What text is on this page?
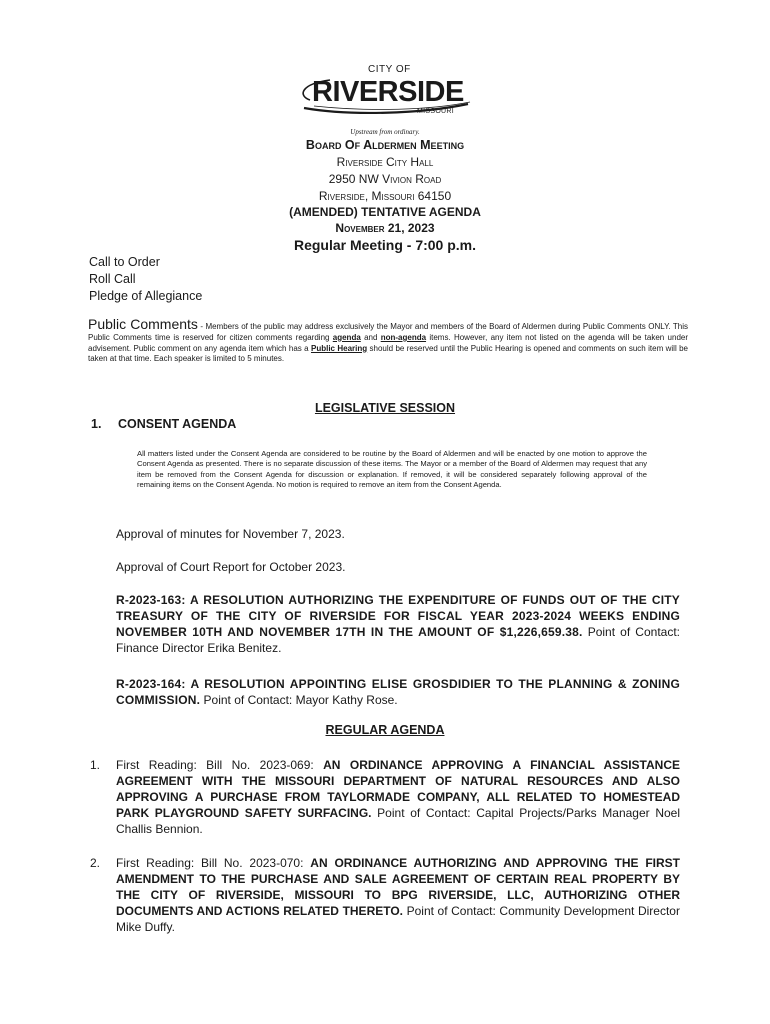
CITY OF
RIVERSIDE
MISSOURI
Upstream from ordinary.
Board Of Aldermen Meeting
Riverside City Hall
2950 NW Vivion Road
Riverside, Missouri 64150
(AMENDED) TENTATIVE AGENDA
November 21, 2023
Regular Meeting - 7:00 p.m.
Call to Order
Roll Call
Pledge of Allegiance
Public Comments - Members of the public may address exclusively the Mayor and members of the Board of Aldermen during Public Comments ONLY. This Public Comments time is reserved for citizen comments regarding agenda and non-agenda items. However, any item not listed on the agenda will be taken under advisement. Public comment on any agenda item which has a Public Hearing should be reserved until the Public Hearing is opened and comments on such item will be taken at that time. Each speaker is limited to 5 minutes.
LEGISLATIVE SESSION
1. CONSENT AGENDA
All matters listed under the Consent Agenda are considered to be routine by the Board of Aldermen and will be enacted by one motion to approve the Consent Agenda as presented. There is no separate discussion of these items. The Mayor or a member of the Board of Aldermen may request that any item be removed from the Consent Agenda for discussion or explanation. If removed, it will be considered separately following approval of the remaining items on the Consent Agenda. No motion is required to remove an item from the Consent Agenda.
Approval of minutes for November 7, 2023.
Approval of Court Report for October 2023.
R-2023-163: A RESOLUTION AUTHORIZING THE EXPENDITURE OF FUNDS OUT OF THE CITY TREASURY OF THE CITY OF RIVERSIDE FOR FISCAL YEAR 2023-2024 WEEKS ENDING NOVEMBER 10TH AND NOVEMBER 17TH IN THE AMOUNT OF $1,226,659.38. Point of Contact: Finance Director Erika Benitez.
R-2023-164: A RESOLUTION APPOINTING ELISE GROSDIDIER TO THE PLANNING & ZONING COMMISSION. Point of Contact: Mayor Kathy Rose.
REGULAR AGENDA
1. First Reading: Bill No. 2023-069: AN ORDINANCE APPROVING A FINANCIAL ASSISTANCE AGREEMENT WITH THE MISSOURI DEPARTMENT OF NATURAL RESOURCES AND ALSO APPROVING A PURCHASE FROM TAYLORMADE COMPANY, ALL RELATED TO HOMESTEAD PARK PLAYGROUND SAFETY SURFACING. Point of Contact: Capital Projects/Parks Manager Noel Challis Bennion.
2. First Reading: Bill No. 2023-070: AN ORDINANCE AUTHORIZING AND APPROVING THE FIRST AMENDMENT TO THE PURCHASE AND SALE AGREEMENT OF CERTAIN REAL PROPERTY BY THE CITY OF RIVERSIDE, MISSOURI TO BPG RIVERSIDE, LLC, AUTHORIZING OTHER DOCUMENTS AND ACTIONS RELATED THERETO. Point of Contact: Community Development Director Mike Duffy.
